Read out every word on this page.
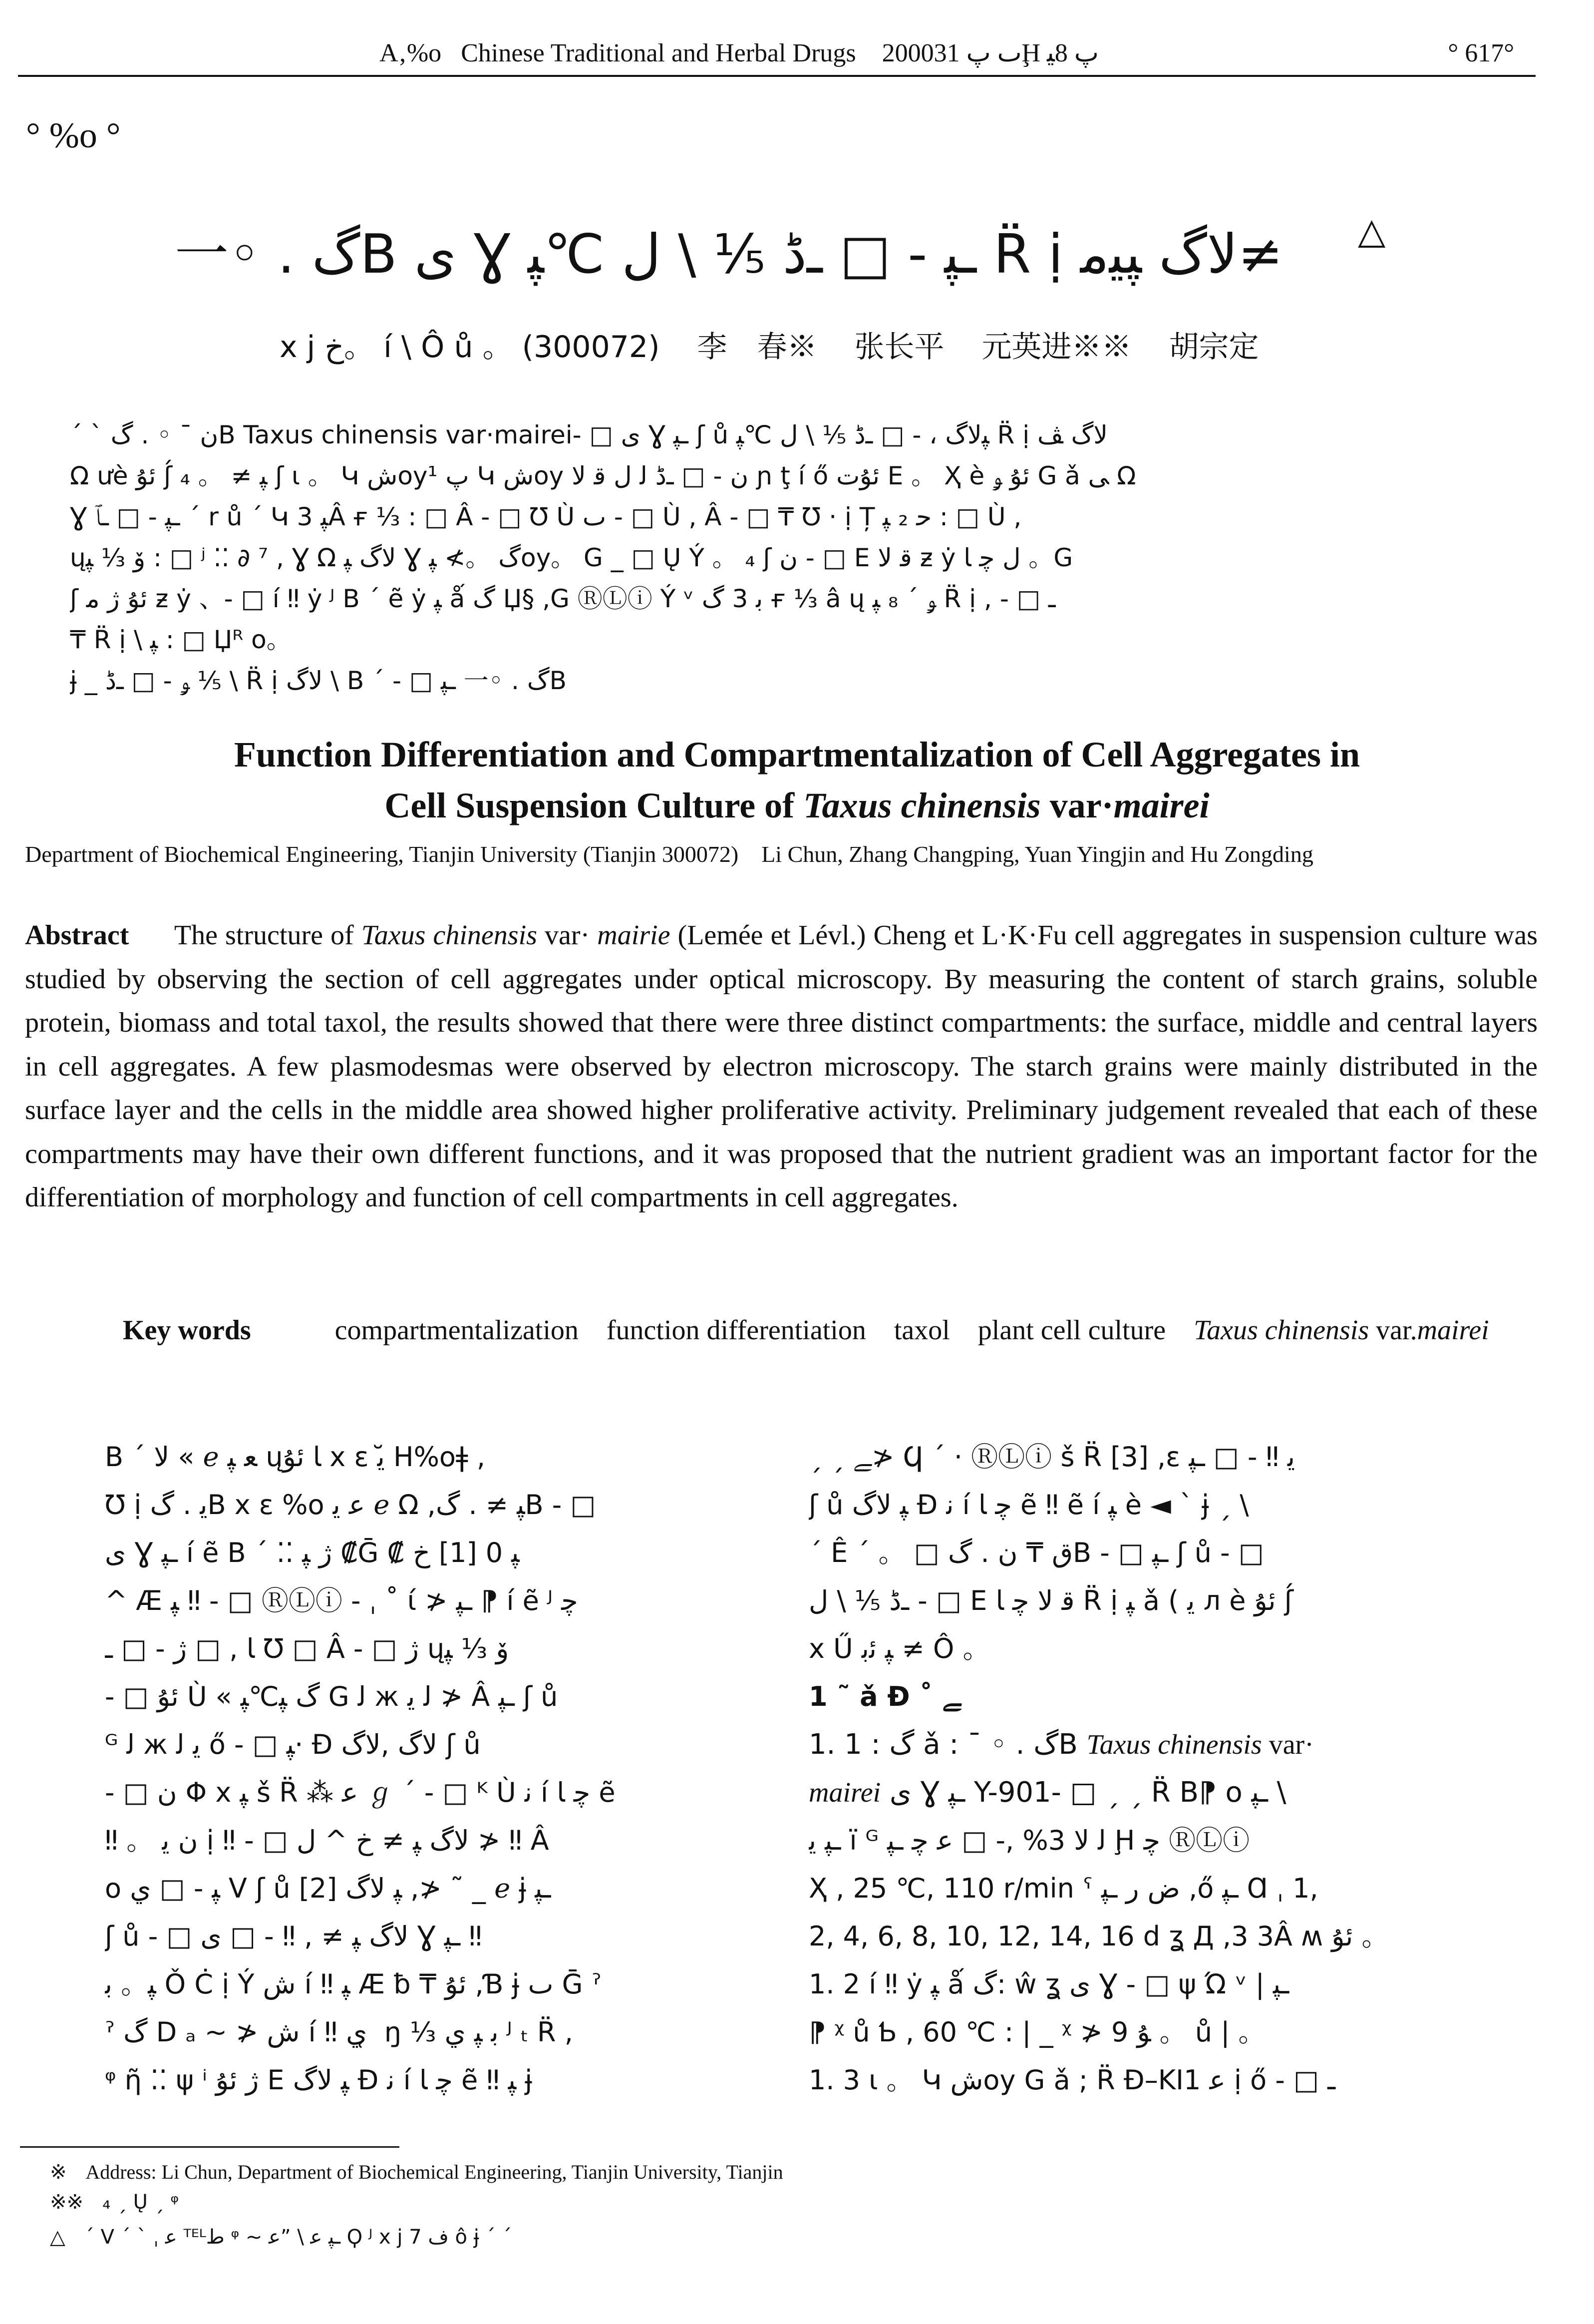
A‚%o Chinese Traditional and Herbal Drugs 2000ٮ ﭖ 31Ḩ ﭖ 8ﯿ	° 617°
° %o °
一◦ . گB ى Ɣ ـﭙ - □ ـﮈ ⅕ \ ﻝ ℃ﭙ R̈ ị ﻻگ ﭙﻴﻣ≠	△
x j خ。 í \ Ô ů 。 (300072) 李　春※ 张长平 元英进※※ 胡宗定
ˊ ˋ ن ¯ ◦ . گB Taxus chinensis var·mairei- □ ى Ɣ ـﭙ ʃ ů ﭙﻻگ ، - □ ـﮈ ⅕ \ ﻝ ℃ﭙ R̈ ị ﻻگ ﭫ
Ω ưè ﺋﯘ ʃ́ ﭙ ≠ 。 ₄ ʃ ι 。 Կ ﺵoy¹ ﭖ Կ ﺵoy ن - □ ـﮈ ﻟ ﻝ ﻗ ﻻ ɲ ţ í ő ﺋﯘﺕ E 。 Ҳ è ﺋﯘ ﯡ G ǎ ﯽ Ω
Ɣ ـﭙ - □ ـﭑ ˊ r ů ˊ Կ ﭙ 3Â ғ ⅓ : □ Â - □ ℧ Ù ٮ - □ Ù , Â - □ ₸ ℧ · ị Ț ﺣ ₂ ﭙ : □ Ù ,
ųﯙ ⅓ ﭙ : □ ʲ ⁚⁚ ∂ ⁷ , Ɣ Ω ﻻگ ﭙ Ɣ گ 。≯ ﭙoy。 G _ □ Ų Ý 。 ₄ ʃ ن - □ E ﻗ ﻻ ƶ ẏ ﻝ ﭼ ﺎ 。G
ʃ ﺋﯘ ژ ﻣ ƶ ẏ 、- □ í ‼ ẏ ᴶ B ˊ ẽ ẏ ﭙ ǻ گ Џ§ ,G ⓇⓁⓘ Ý ᵛ ﺑ 3 گ ғ ⅓ â ų ﯡ ˊ ₈ ﭙ R̈ ị , - □ ـ
₸ R̈ ị \ ﭙ : □ Џᴿ o。
ɉ _ ﯡ - □ ـﮈ ⅕ \ R̈ ị ﻻگ \ B ˊ - □ ـﭙ 一◦ . گB
Function Differentiation and Compartmentalization of Cell Aggregates in
Cell Suspension Culture of Taxus chinensis var·mairei
Department of Biochemical Engineering, Tianjin University (Tianjin 300072)　Li Chun, Zhang Changping, Yuan Yingjin and Hu Zongding
Abstract The structure of Taxus chinensis var· mairie (Lemée et Lévl.) Cheng et L·K·Fu cell aggregates in suspension culture was studied by observing the section of cell aggregates under optical microscopy. By measuring the content of starch grains, soluble protein, biomass and total taxol, the results showed that there were three distinct compartments: the surface, middle and central layers in cell aggregates. A few plasmodesmas were observed by electron microscopy. The starch grains were mainly distributed in the surface layer and the cells in the middle area showed higher proliferative activity. Preliminary judgement revealed that each of these compartments may have their own different functions, and it was proposed that the nutrient gradient was an important factor for the differentiation of morphology and function of cell compartments in cell aggregates.
Key words	compartmentalization　function differentiation　taxol　plant cell culture　Taxus chinensis var.mairei
B ˊ ﻻ « ℯ ﻌ ﭙ ųﺎ ﺋﯘ x ε ﻳ ̆H%oǂ ,
℧ ị ﻳ . گB x ε %o ﻋ ﻳ ℯ Ω ,ﭙ ≠ . گB - □
ى Ɣ ـﭙ í ẽ B ˊ ⁚⁚ ژ ﭙ ₡Ḡ ₡ ﭙ 0 [1] خ
^ Æ ﭙ ‼ - □ ⓇⓁⓘ - ˌ ˚ ί ≯ ـﭙ ⁋ í ẽ ᴶ ﭼ
ﺎ , □ ژ - □ ـ ℧ □ Â - □ ژ ųﯙ ⅓ ﭙ
- □ ﺋﯘ Ù « گ ﭙ℃ﭙ G ﻟ ж ﻟ ﻳ ≯ Â ـﭙ ʃ ů
ᴳ ﻟ ж ﻳ ﻟ ő - □ ﭙ· Ɖ ﻻگ ,ﻻگ ʃ ů
- □ ن Φ x ﭙ š R̈ ⁂ ﻋ ℊ ˊ - □ ᴷ Ù ﻧ í ﭼ ﺎ ẽ
‼ 。 ن ﻳ ị ‼ - □ ﻻگ ﭙ ≠ خ ^ ﻝ ≯ ‼ Â
o ﭙ - □ ي V ʃ ů ﭙ ﻻگ [2] ,≯ ˜ _ ℯ ɉ ـﭙ
ʃ ů - □ ﻻگ ﭙ ≠ , ‼ - □ ى Ɣ ـﭙ ‼
ﭙ。 ﺑ Ǒ Ċ ị Ý ﺵ í ‼ ﭙ Æ ƀ ₸ ﺋﯘ ,Ɓ ɉ ٮ Ḡ ˀ
ˀ گ D ₐ ~ ≯ ﺵ í ‼ ي ̜ ŋ ⅓ ﺑ ﭙ ي ᴶ ₜ R̈ ,
ᵠ ῆ ⁚⁚ ψ ⁱ ژ ﺋﯘ E ﭙ ﻻگ Ɖ ﻧ í ﭼ ﺎ ẽ ‼ ﭙ ɉ
ˏ ˏ ﮯ≯ Ϥ ˊ · ⓇⓁⓘ š R̈ [3] ,ε ﻳ ‼ - □ ـﭙ
ʃ ů ﭙ ﻻگ Ɖ ﻧ í ﭼ ﺎ ẽ ‼ ẽ í ﭙ è ◄ ˋ ɉ ˏ \
ˊ Ê ˊ 。 □ ﻕ ₸ ن . گB - □ ـﭙ ʃ ů - □
ـﮈ ⅕ \ ﻝ - □ E ﻗ ﻻ ﭼ ﺎ R̈ ị ﭙ ǎ ( ﻳ л è ﺋﯘ ʃ́
x Ű ﭙ ﺋﺑ ≠ Ô 。
1 ˜ ǎ Ɖ ˚ ﮯ
1. 1 : گ ǎ : ¯ ◦ . گB Taxus chinensis var·
mairei ى Ɣ ـﭙ Y-901- □ ˏ ˏ R̈ B⁋ o ـﭙ \
ـﭙ ﻳ ï ᴳ ﻟ ﻻ 3% ,- □ ﻋ ﭼ ـﭙ Ḩ ﭼ ⓇⓁⓘ
Ҳ , 25 ℃, 110 r/min ˁ ﺽ ﺭ ـﭙ ,ő ـﭙ Ɑ ˌ 1,
2, 4, 6, 8, 10, 12, 14, 16 d ʓ Д ,3 3Â ʍ ﺋﯘ 。
1. 2 í ‼ ẏ ﭙ ǻ گ: ŵ ʓ ى Ɣ - □ ψ Ώ ᵛ | ـﭙ
⁋ ᵡ ů Ƅ , 60 ℃ : | _ ᵡ ≯ 9 ﯘ 。 ů | 。
1. 3 ι 。 Կ ﺵoy G ǎ ; R̈ Ɖ–KI1 ﻋ ị ő - □ ـ
※ Address: Li Chun, Department of Biochemical Engineering, Tianjin University, Tianjin
※※ ₄ ˏ Ų ˏ ᵠ
△ ˊ V ˊ ˋ ˌ ﻋ ᵀᴱᴸﻁ ᵠ ~ ـﭙ ﻋ \ ”ﻋ Ϙ ᴶ x j 7 ﻑ ô ɉ ˊ ˊ
